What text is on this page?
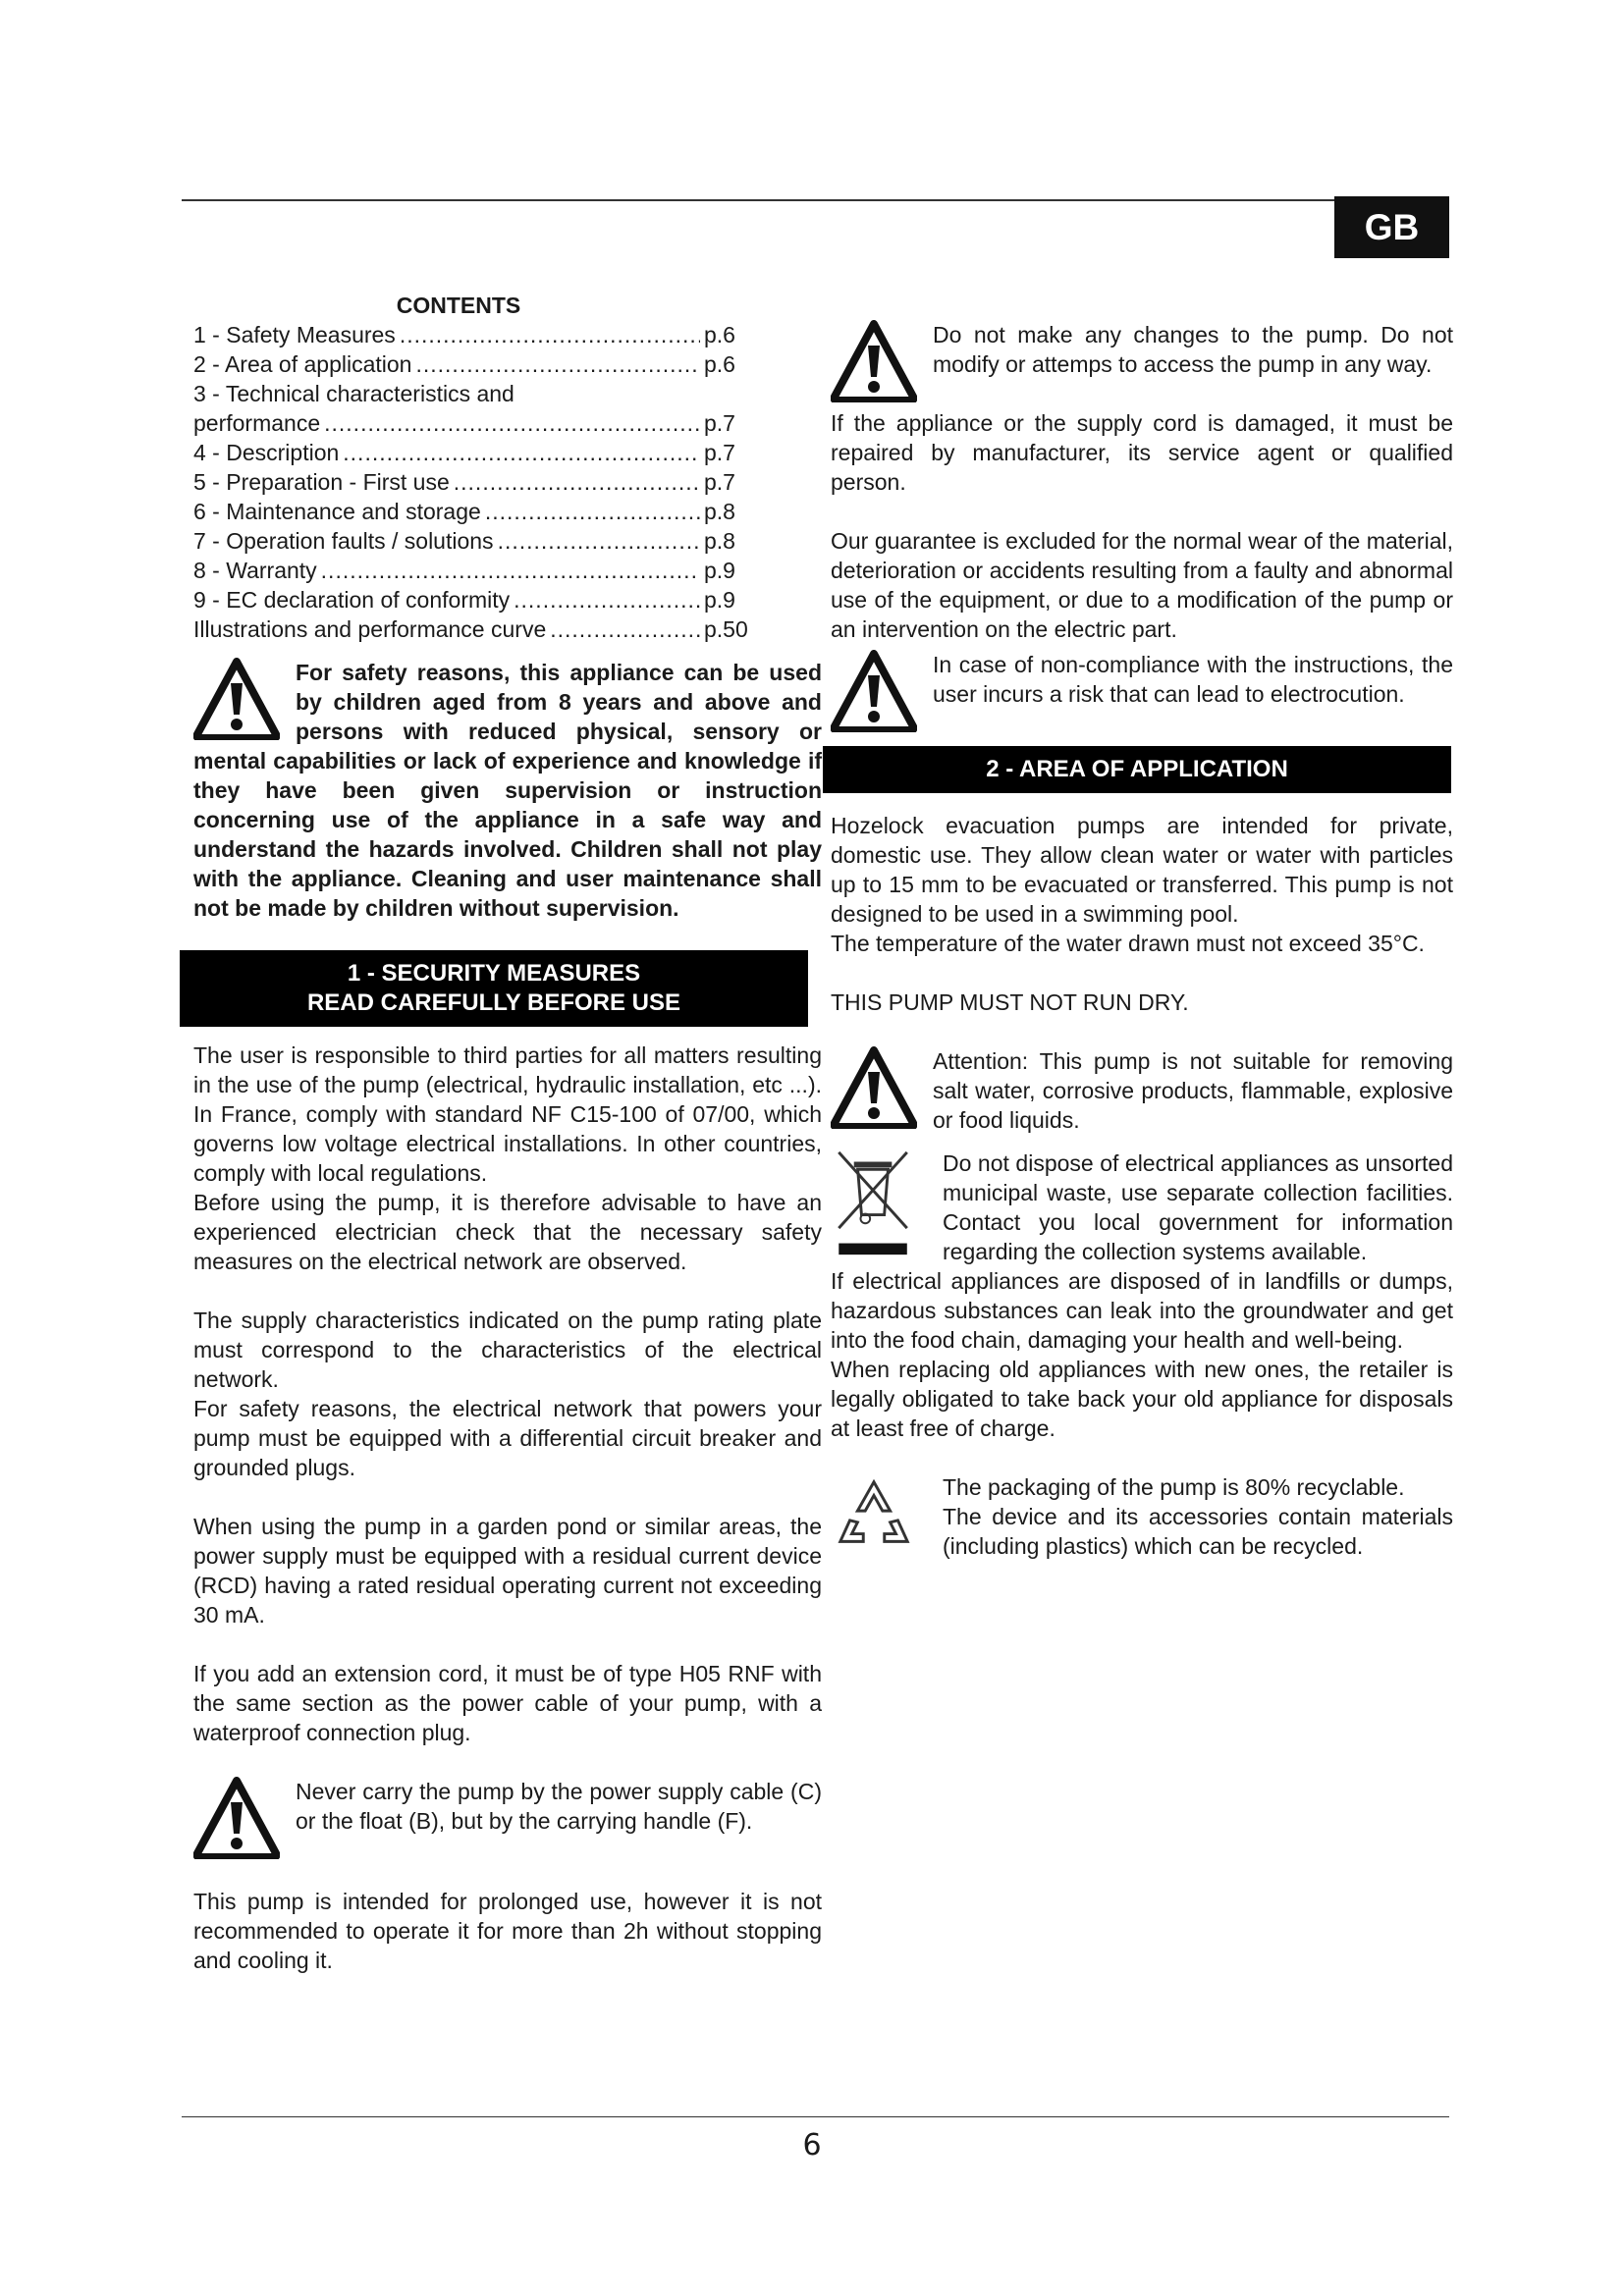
GB
CONTENTS
1 - Safety Measures .....	p.6
2 - Area of application .....	p.6
3 - Technical characteristics and
performance .....	p.7
4 - Description .....	p.7
5 - Preparation - First use .....	p.7
6 - Maintenance and storage .....	p.8
7 - Operation faults / solutions .....	p.8
8 - Warranty .....	p.9
9 - EC declaration of conformity .....	p.9
Illustrations and performance curve .....	p.50

For safety reasons, this appliance can be used by children aged from 8 years and above and persons with reduced physical, sensory or mental capabilities or lack of experience and knowledge if they have been given supervision or instruction concerning use of the appliance in a safe way and understand the hazards involved. Children shall not play with the appliance. Cleaning and user maintenance shall not be made by children without supervision.

1 - SECURITY MEASURES
READ CAREFULLY BEFORE USE

The user is responsible to third parties for all matters resulting in the use of the pump (electrical, hydraulic installation, etc ...). In France, comply with standard NF C15-100 of 07/00, which governs low voltage electrical installations. In other countries, comply with local regulations.

Before using the pump, it is therefore advisable to have an experienced electrician check that the necessary safety measures on the electrical network are observed.

The supply characteristics indicated on the pump rating plate must correspond to the characteristics of the electrical network.

For safety reasons, the electrical network that powers your pump must be equipped with a differential circuit breaker and grounded plugs.

When using the pump in a garden pond or similar areas, the power supply must be equipped with a residual current device (RCD) having a rated residual operating current not exceeding 30 mA.

If you add an extension cord, it must be of type H05 RNF with the same section as the power cable of your pump, with a waterproof connection plug.

Never carry the pump by the power supply cable (C) or the float (B), but by the carrying handle (F).

This pump is intended for prolonged use, however it is not recommended to operate it for more than 2h without stopping and cooling it.

Do not make any changes to the pump. Do not modify or attemps to access the pump in any way.

If the appliance or the supply cord is damaged, it must be repaired by manufacturer, its service agent or qualified person.

Our guarantee is excluded for the normal wear of the material, deterioration or accidents resulting from a faulty and abnormal use of the equipment, or due to a modification of the pump or an intervention on the electric part.

In case of non-compliance with the instructions, the user incurs a risk that can lead to electrocution.

2 - AREA OF APPLICATION

Hozelock evacuation pumps are intended for private, domestic use. They allow clean water or water with particles up to 15 mm to be evacuated or transferred. This pump is not designed to be used in a swimming pool.

The temperature of the water drawn must not exceed 35°C.

THIS PUMP MUST NOT RUN DRY.

Attention: This pump is not suitable for removing salt water, corrosive products, flammable, explosive or food liquids.

Do not dispose of electrical appliances as unsorted municipal waste, use separate collection facilities. Contact you local government for information regarding the collection systems available.

If electrical appliances are disposed of in landfills or dumps, hazardous substances can leak into the groundwater and get into the food chain, damaging your health and well-being.

When replacing old appliances with new ones, the retailer is legally obligated to take back your old appliance for disposals at least free of charge.

The packaging of the pump is 80% recyclable.

The device and its accessories contain materials (including plastics) which can be recycled.

6
